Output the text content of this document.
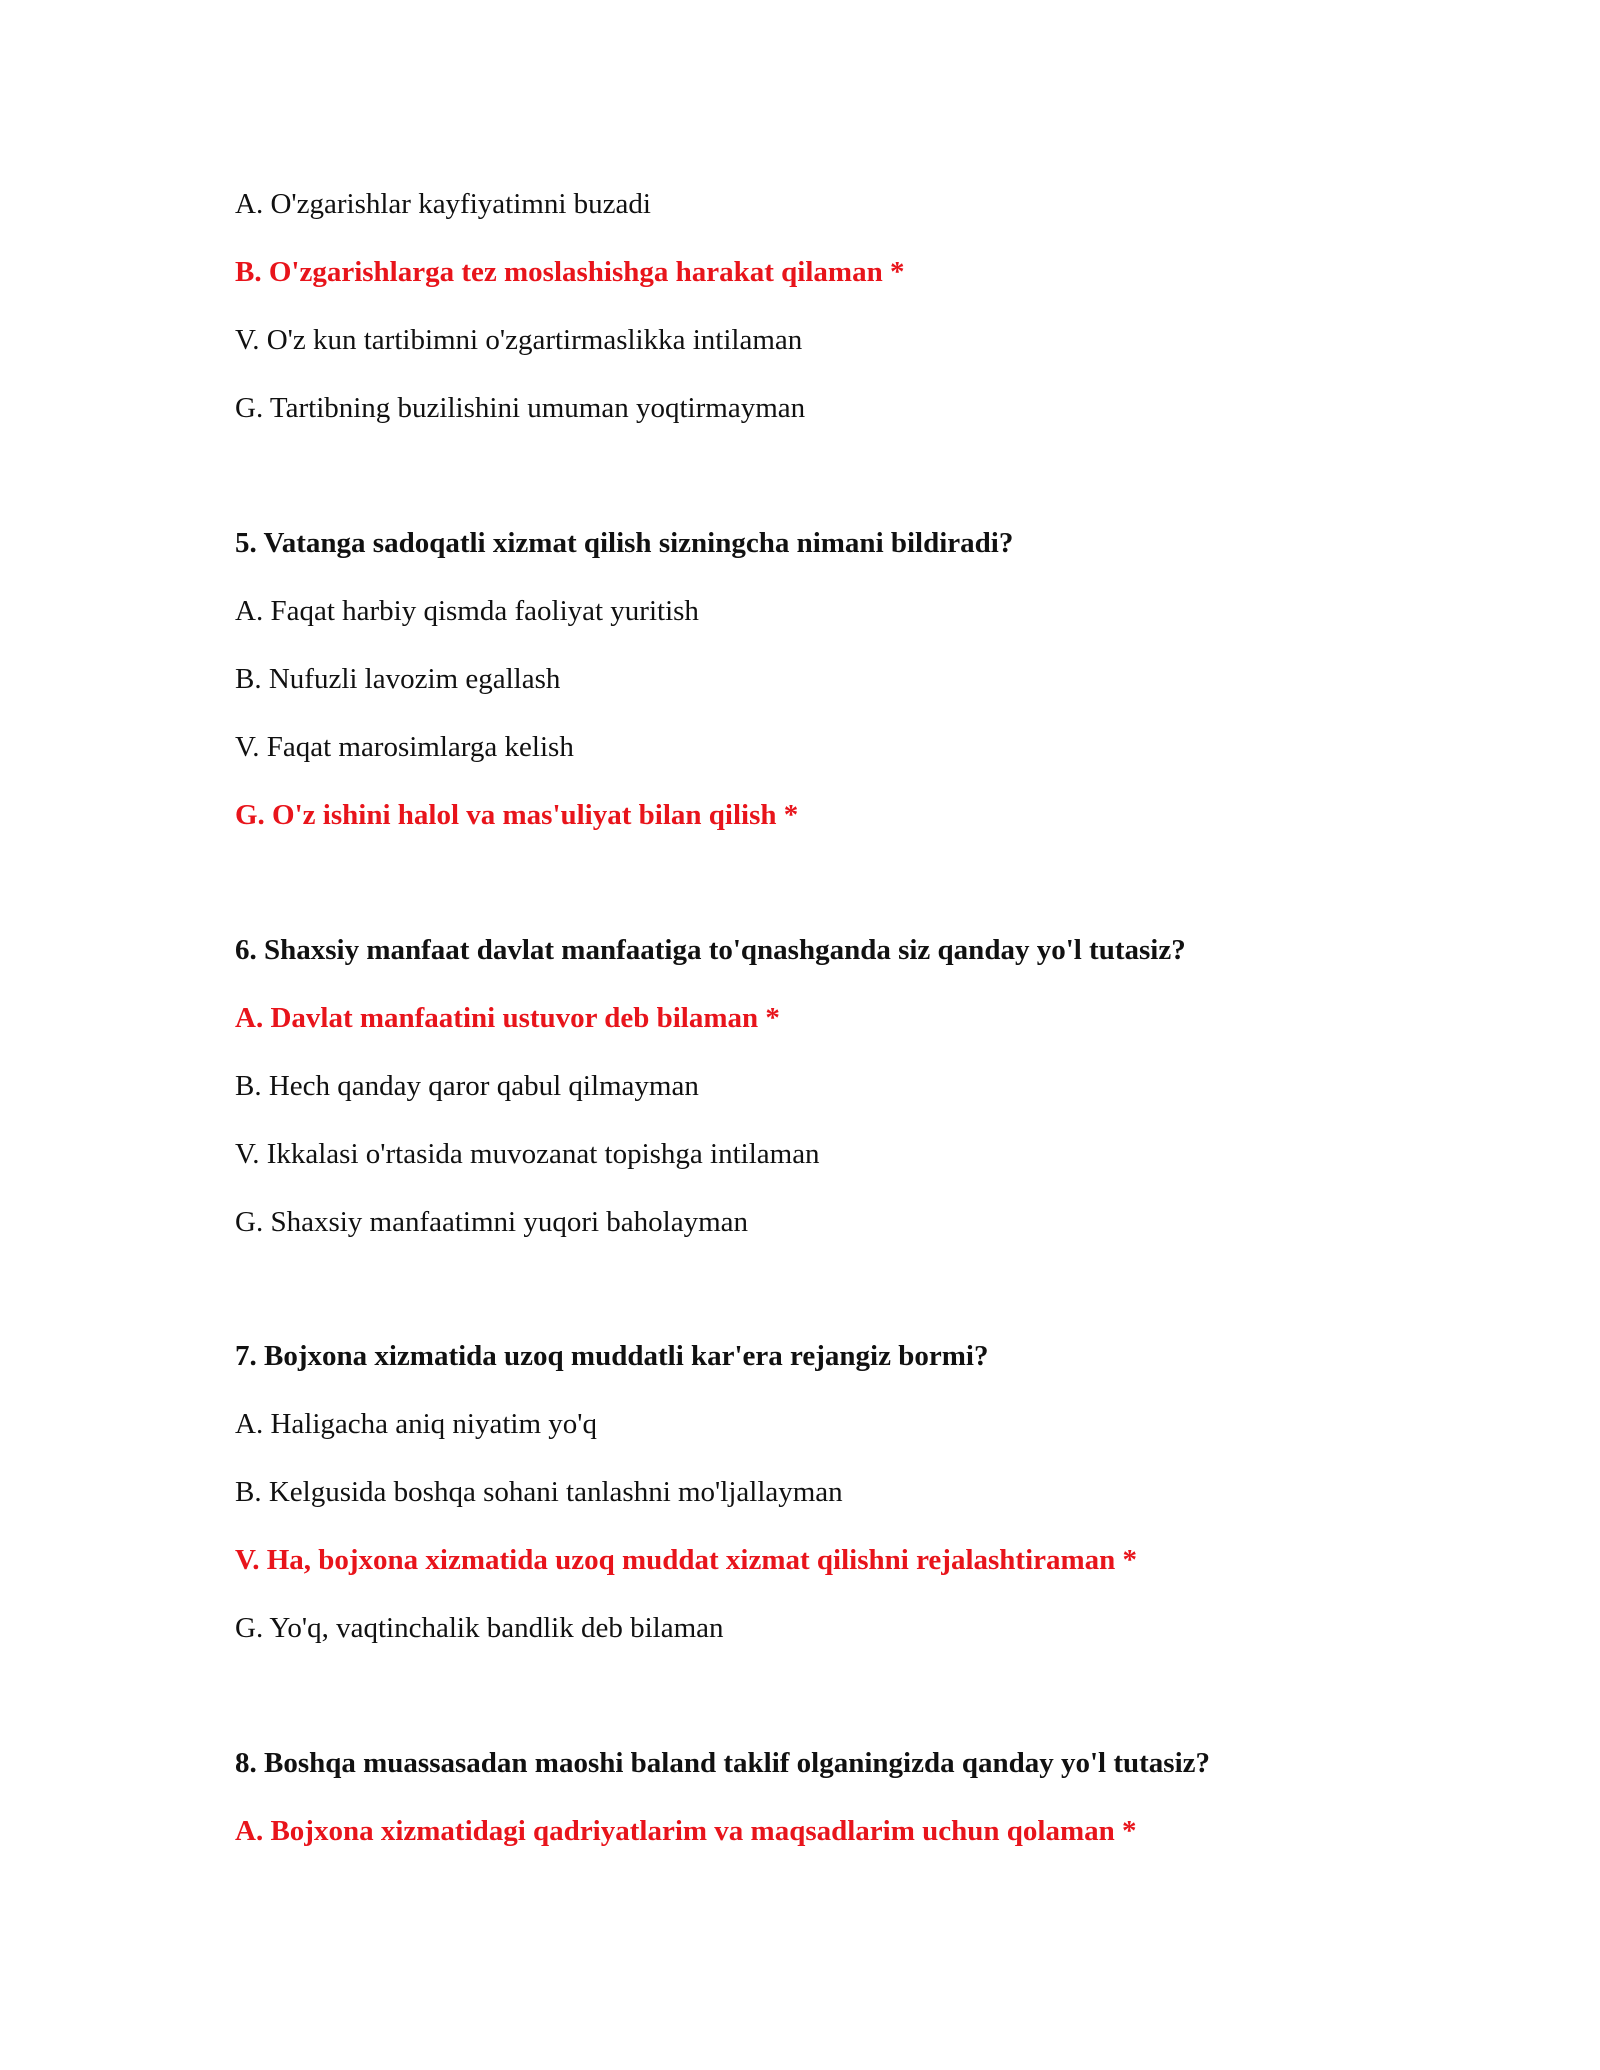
A. O'zgarishlar kayfiyatimni buzadi
B. O'zgarishlarga tez moslashishga harakat qilaman *
V. O'z kun tartibimni o'zgartirmaslikka intilaman
G. Tartibning buzilishini umuman yoqtirmayman
5. Vatanga sadoqatli xizmat qilish sizningcha nimani bildiradi?
A. Faqat harbiy qismda faoliyat yuritish
B. Nufuzli lavozim egallash
V. Faqat marosimlarga kelish
G. O'z ishini halol va mas'uliyat bilan qilish *
6. Shaxsiy manfaat davlat manfaatiga to'qnashganda siz qanday yo'l tutasiz?
A. Davlat manfaatini ustuvor deb bilaman *
B. Hech qanday qaror qabul qilmayman
V. Ikkalasi o'rtasida muvozanat topishga intilaman
G. Shaxsiy manfaatimni yuqori baholayman
7. Bojxona xizmatida uzoq muddatli kar'era rejangiz bormi?
A. Haligacha aniq niyatim yo'q
B. Kelgusida boshqa sohani tanlashni mo'ljallayman
V. Ha, bojxona xizmatida uzoq muddat xizmat qilishni rejalashtiraman *
G. Yo'q, vaqtinchalik bandlik deb bilaman
8. Boshqa muassasadan maoshi baland taklif olganingizda qanday yo'l tutasiz?
A. Bojxona xizmatidagi qadriyatlarim va maqsadlarim uchun qolaman *
